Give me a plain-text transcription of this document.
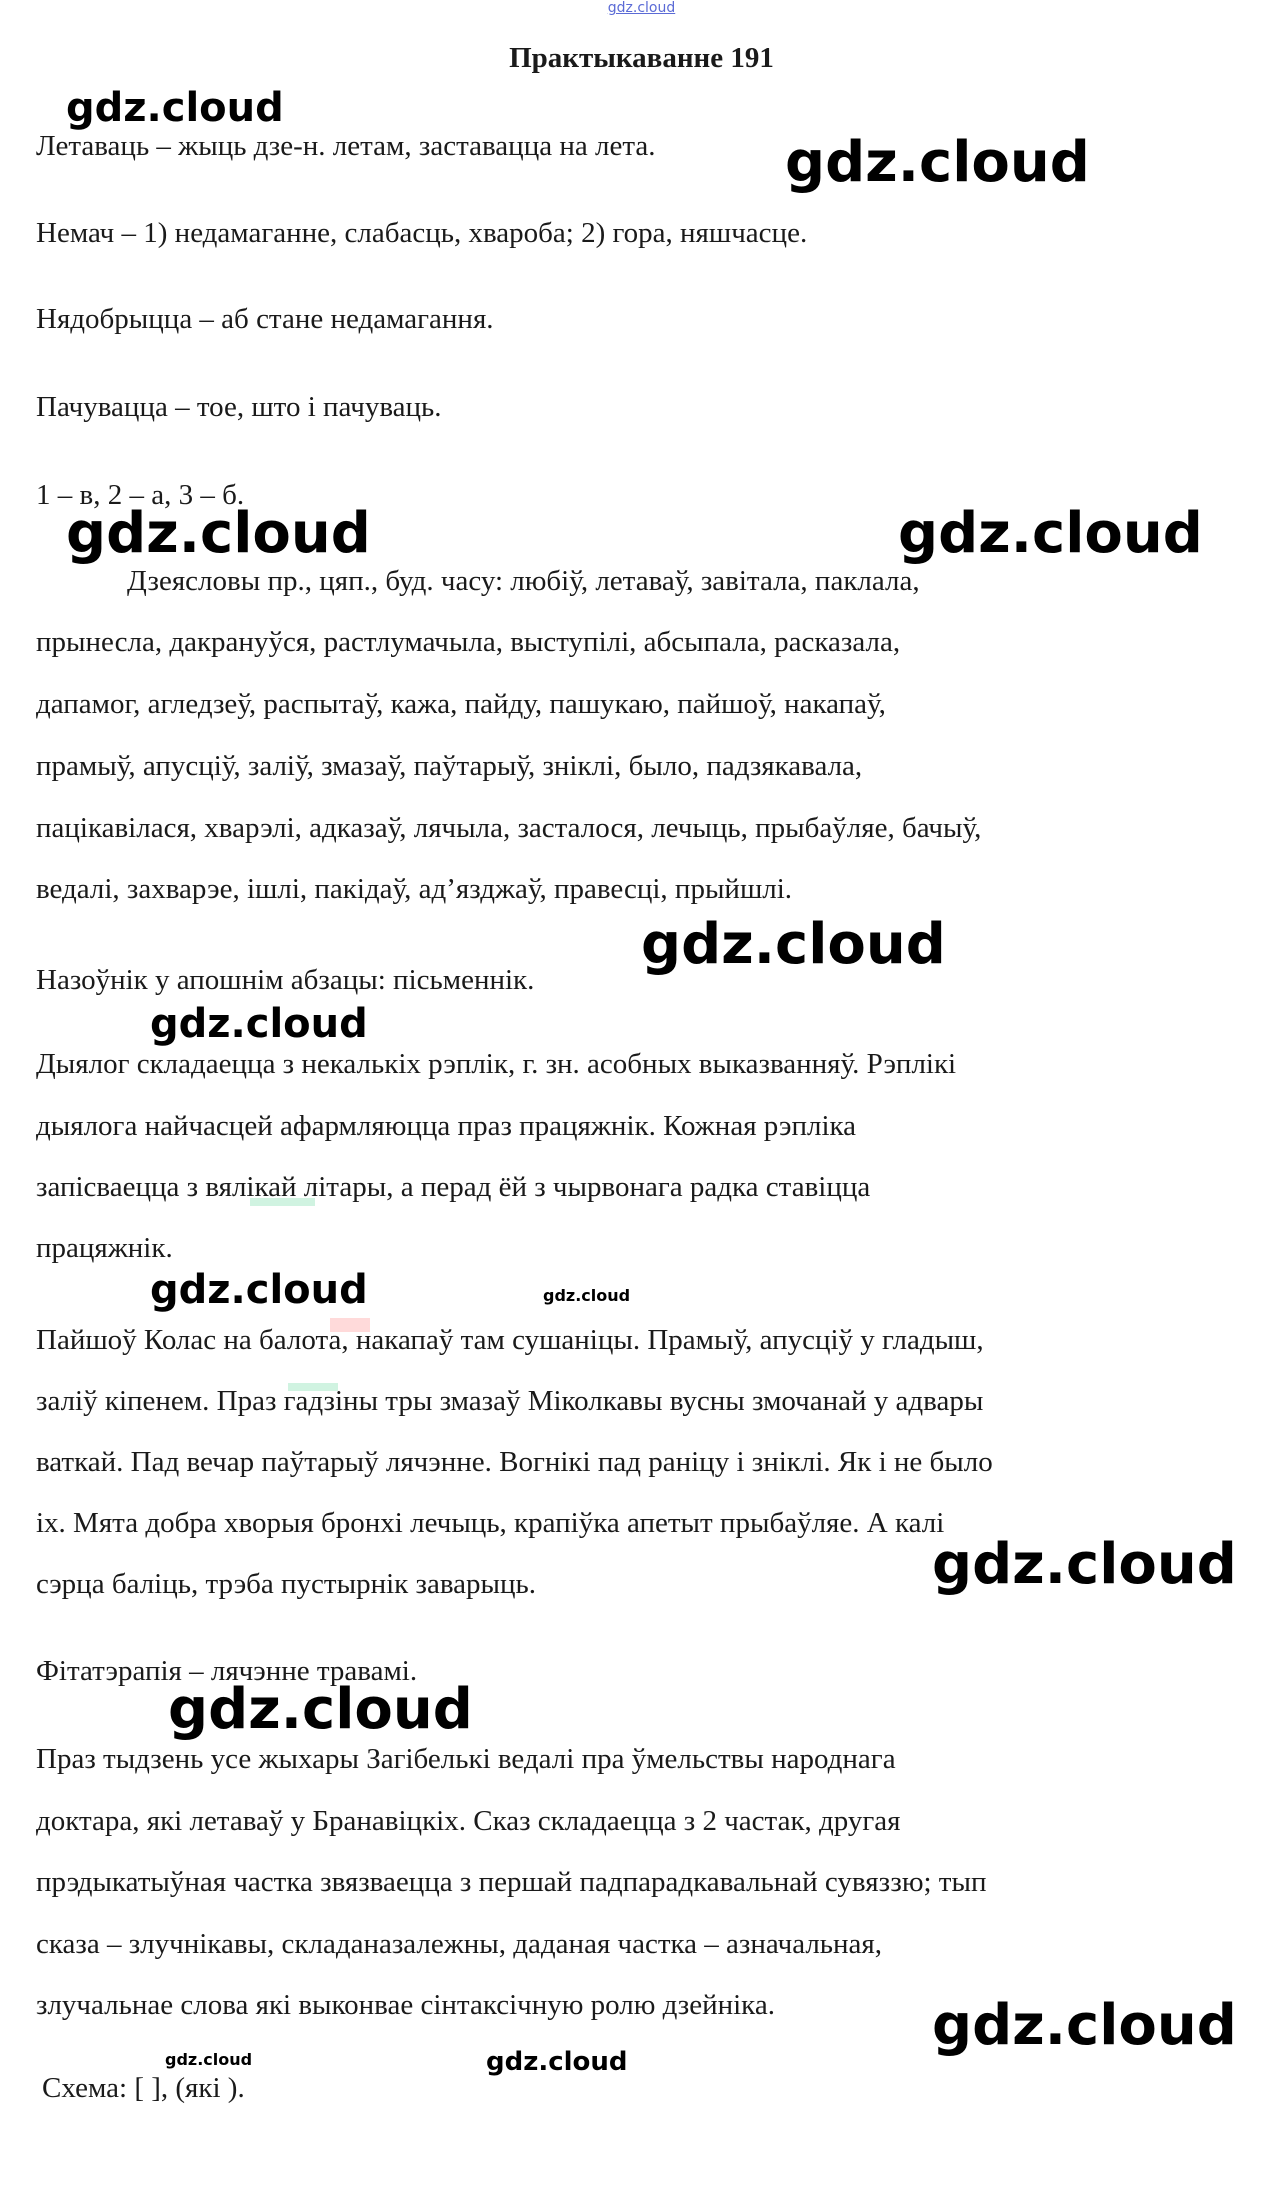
gdz.cloud
Практыкаванне 191
Летаваць – жыць дзе-н. летам, заставацца на лета.
Немач – 1) недамаганне, слабасць, хвароба; 2) гора, няшчасце.
Нядобрыцца – аб стане недамагання.
Пачувацца – тое, што і пачуваць.
1 – в, 2 – а, 3 – б.
Дзеясловы пр., цяп., буд. часу: любіў, летаваў, завітала, паклала,
прынесла, дакрануўся, растлумачыла, выступілі, абсыпала, расказала,
дапамог, агледзеў, распытаў, кажа, пайду, пашукаю, пайшоў, накапаў,
прамыў, апусціў, заліў, змазаў, паўтарыў, зніклі, было, падзякавала,
пацікавілася, хварэлі, адказаў, лячыла, засталося, лечыць, прыбаўляе, бачыў,
ведалі, захварэе, ішлі, пакідаў, ад’язджаў, правесці, прыйшлі.
Назоўнік у апошнім абзацы: пісьменнік.
Дыялог складаецца з некалькіх рэплік, г. зн. асобных выказванняў. Рэплікі
дыялога найчасцей афармляюцца праз працяжнік. Кожная рэпліка
запісваецца з вялікай літары, а перад ёй з чырвонага радка ставіцца
працяжнік.
Пайшоў Колас на балота, накапаў там сушаніцы. Прамыў, апусціў у гладыш,
заліў кіпенем. Праз гадзіны тры змазаў Міколкавы вусны змочанай у адвары
ваткай. Пад вечар паўтарыў лячэнне. Вогнікі пад раніцу і зніклі. Як і не было
іх. Мята добра хворыя бронхі лечыць, крапіўка апетыт прыбаўляе. А калі
сэрца баліць, трэба пустырнік заварыць.
Фітатэрапія – лячэнне травамі.
Праз тыдзень усе жыхары Загібелькі ведалі пра ўмельствы народнага
доктара, які летаваў у Бранавіцкіх. Сказ складаецца з 2 частак, другая
прэдыкатыўная частка звязваецца з першай падпарадкавальнай сувяззю; тып
сказа – злучнікавы, складаназалежны, даданая частка – азначальная,
злучальнае слова які выконвае сінтаксічную ролю дзейніка.
Схема: [ ], (які ).
gdz.cloud
gdz.cloud
gdz.cloud	gdz.cloud
gdz.cloud
gdz.cloud
gdz.cloud	gdz.cloud
gdz.cloud
gdz.cloud
gdz.cloud
gdz.cloud	gdz.cloud
